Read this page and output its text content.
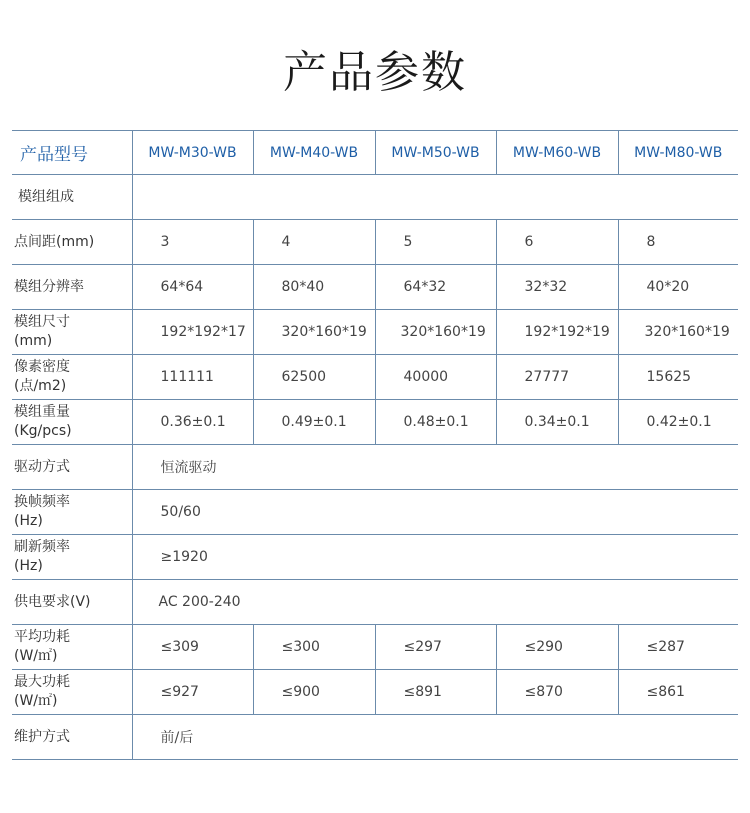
产品参数
产品型号	MW-M30-WB	MW-M40-WB	MW-M50-WB	MW-M60-WB	MW-M80-WB
模组组成					
点间距(mm)	3	4	5	6	8
模组分辨率	64*64	80*40	64*32	32*32	40*20

模组尺寸
(mm)	192*192*17	320*160*19	320*160*19	192*192*19	320*160*19

像素密度
(点/m2)	111111	62500	40000	27777	15625

模组重量
(Kg/pcs)	0.36±0.1	0.49±0.1	0.48±0.1	0.34±0.1	0.42±0.1
驱动方式	恒流驱动				

换帧频率
(Hz)	50/60				

刷新频率
(Hz)	≥1920				
供电要求(V)	AC 200-240				

平均功耗
(W/㎡)	≤309	≤300	≤297	≤290	≤287

最大功耗
(W/㎡)	≤927	≤900	≤891	≤870	≤861
维护方式	前/后				
